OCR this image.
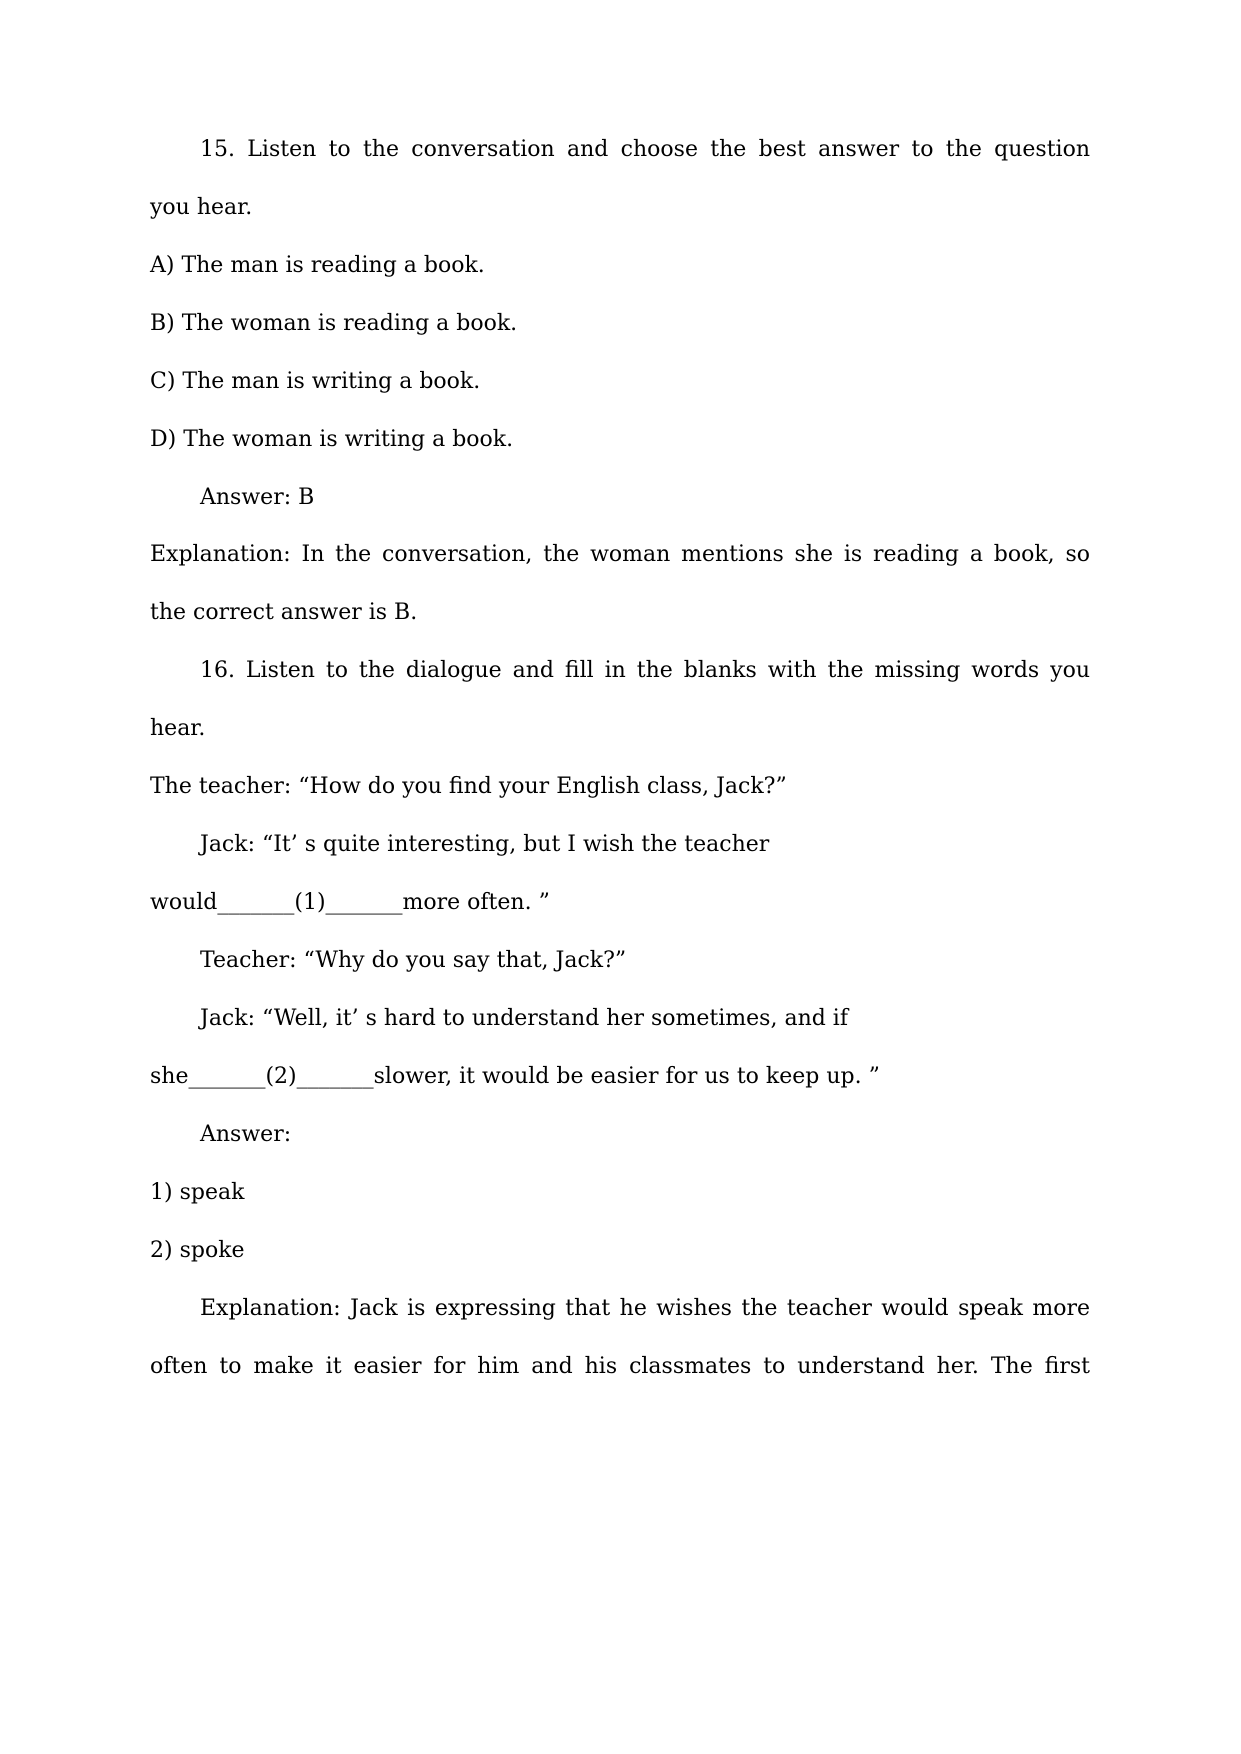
15. Listen to the conversation and choose the best answer to the question

you hear.

A) The man is reading a book.

B) The woman is reading a book.

C) The man is writing a book.

D) The woman is writing a book.

Answer: B

Explanation: In the conversation, the woman mentions she is reading a book, so

the correct answer is B.

16. Listen to the dialogue and fill in the blanks with the missing words you

hear.

The teacher: “How do you find your English class, Jack?”

Jack: “It’ s quite interesting, but I wish the teacher

would_______(1)_______more often. ”

Teacher: “Why do you say that, Jack?”

Jack: “Well, it’ s hard to understand her sometimes, and if

she_______(2)_______slower, it would be easier for us to keep up. ”

Answer:

1) speak

2) spoke

Explanation: Jack is expressing that he wishes the teacher would speak more

often to make it easier for him and his classmates to understand her. The first
